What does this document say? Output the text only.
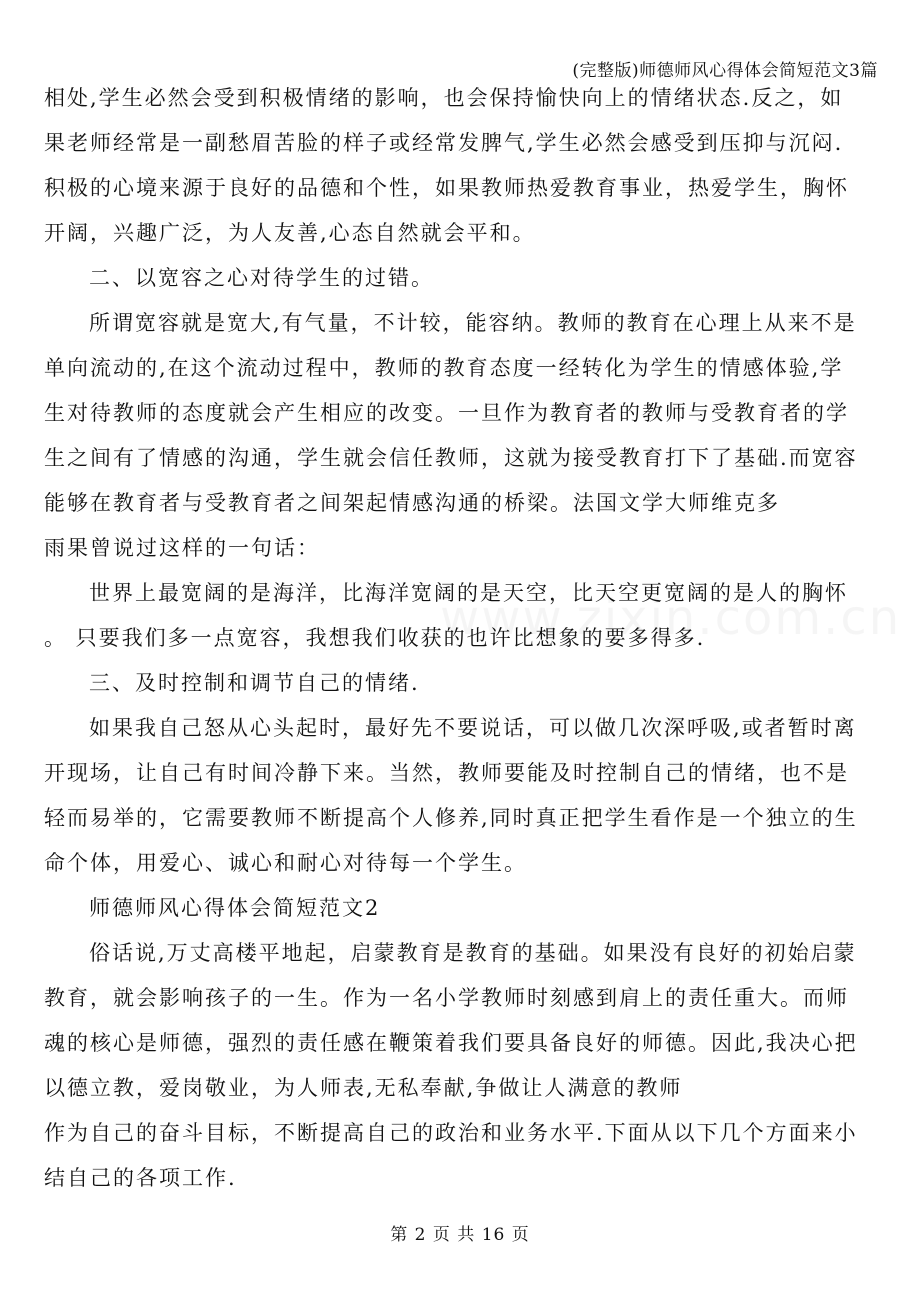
(完整版)师德师风心得体会简短范文3篇
相处,学生必然会受到积极情绪的影响，也会保持愉快向上的情绪状态.反之，如
果老师经常是一副愁眉苦脸的样子或经常发脾气,学生必然会感受到压抑与沉闷.
积极的心境来源于良好的品德和个性，如果教师热爱教育事业，热爱学生，胸怀
开阔，兴趣广泛，为人友善,心态自然就会平和。
二、以宽容之心对待学生的过错。
所谓宽容就是宽大,有气量，不计较，能容纳。教师的教育在心理上从来不是
单向流动的,在这个流动过程中，教师的教育态度一经转化为学生的情感体验,学
生对待教师的态度就会产生相应的改变。一旦作为教育者的教师与受教育者的学
生之间有了情感的沟通，学生就会信任教师，这就为接受教育打下了基础.而宽容
能够在教育者与受教育者之间架起情感沟通的桥梁。法国文学大师维克多
雨果曾说过这样的一句话：
世界上最宽阔的是海洋，比海洋宽阔的是天空，比天空更宽阔的是人的胸怀
。 只要我们多一点宽容，我想我们收获的也许比想象的要多得多.
三、及时控制和调节自己的情绪.
如果我自己怒从心头起时，最好先不要说话，可以做几次深呼吸,或者暂时离
开现场，让自己有时间冷静下来。当然，教师要能及时控制自己的情绪，也不是
轻而易举的，它需要教师不断提高个人修养,同时真正把学生看作是一个独立的生
命个体，用爱心、诚心和耐心对待每一个学生。
师德师风心得体会简短范文2
俗话说,万丈高楼平地起，启蒙教育是教育的基础。如果没有良好的初始启蒙
教育，就会影响孩子的一生。作为一名小学教师时刻感到肩上的责任重大。而师
魂的核心是师德，强烈的责任感在鞭策着我们要具备良好的师德。因此,我决心把
以德立教，爱岗敬业，为人师表,无私奉献,争做让人满意的教师
作为自己的奋斗目标，不断提高自己的政治和业务水平.下面从以下几个方面来小
结自己的各项工作.
第 2 页 共 16 页
